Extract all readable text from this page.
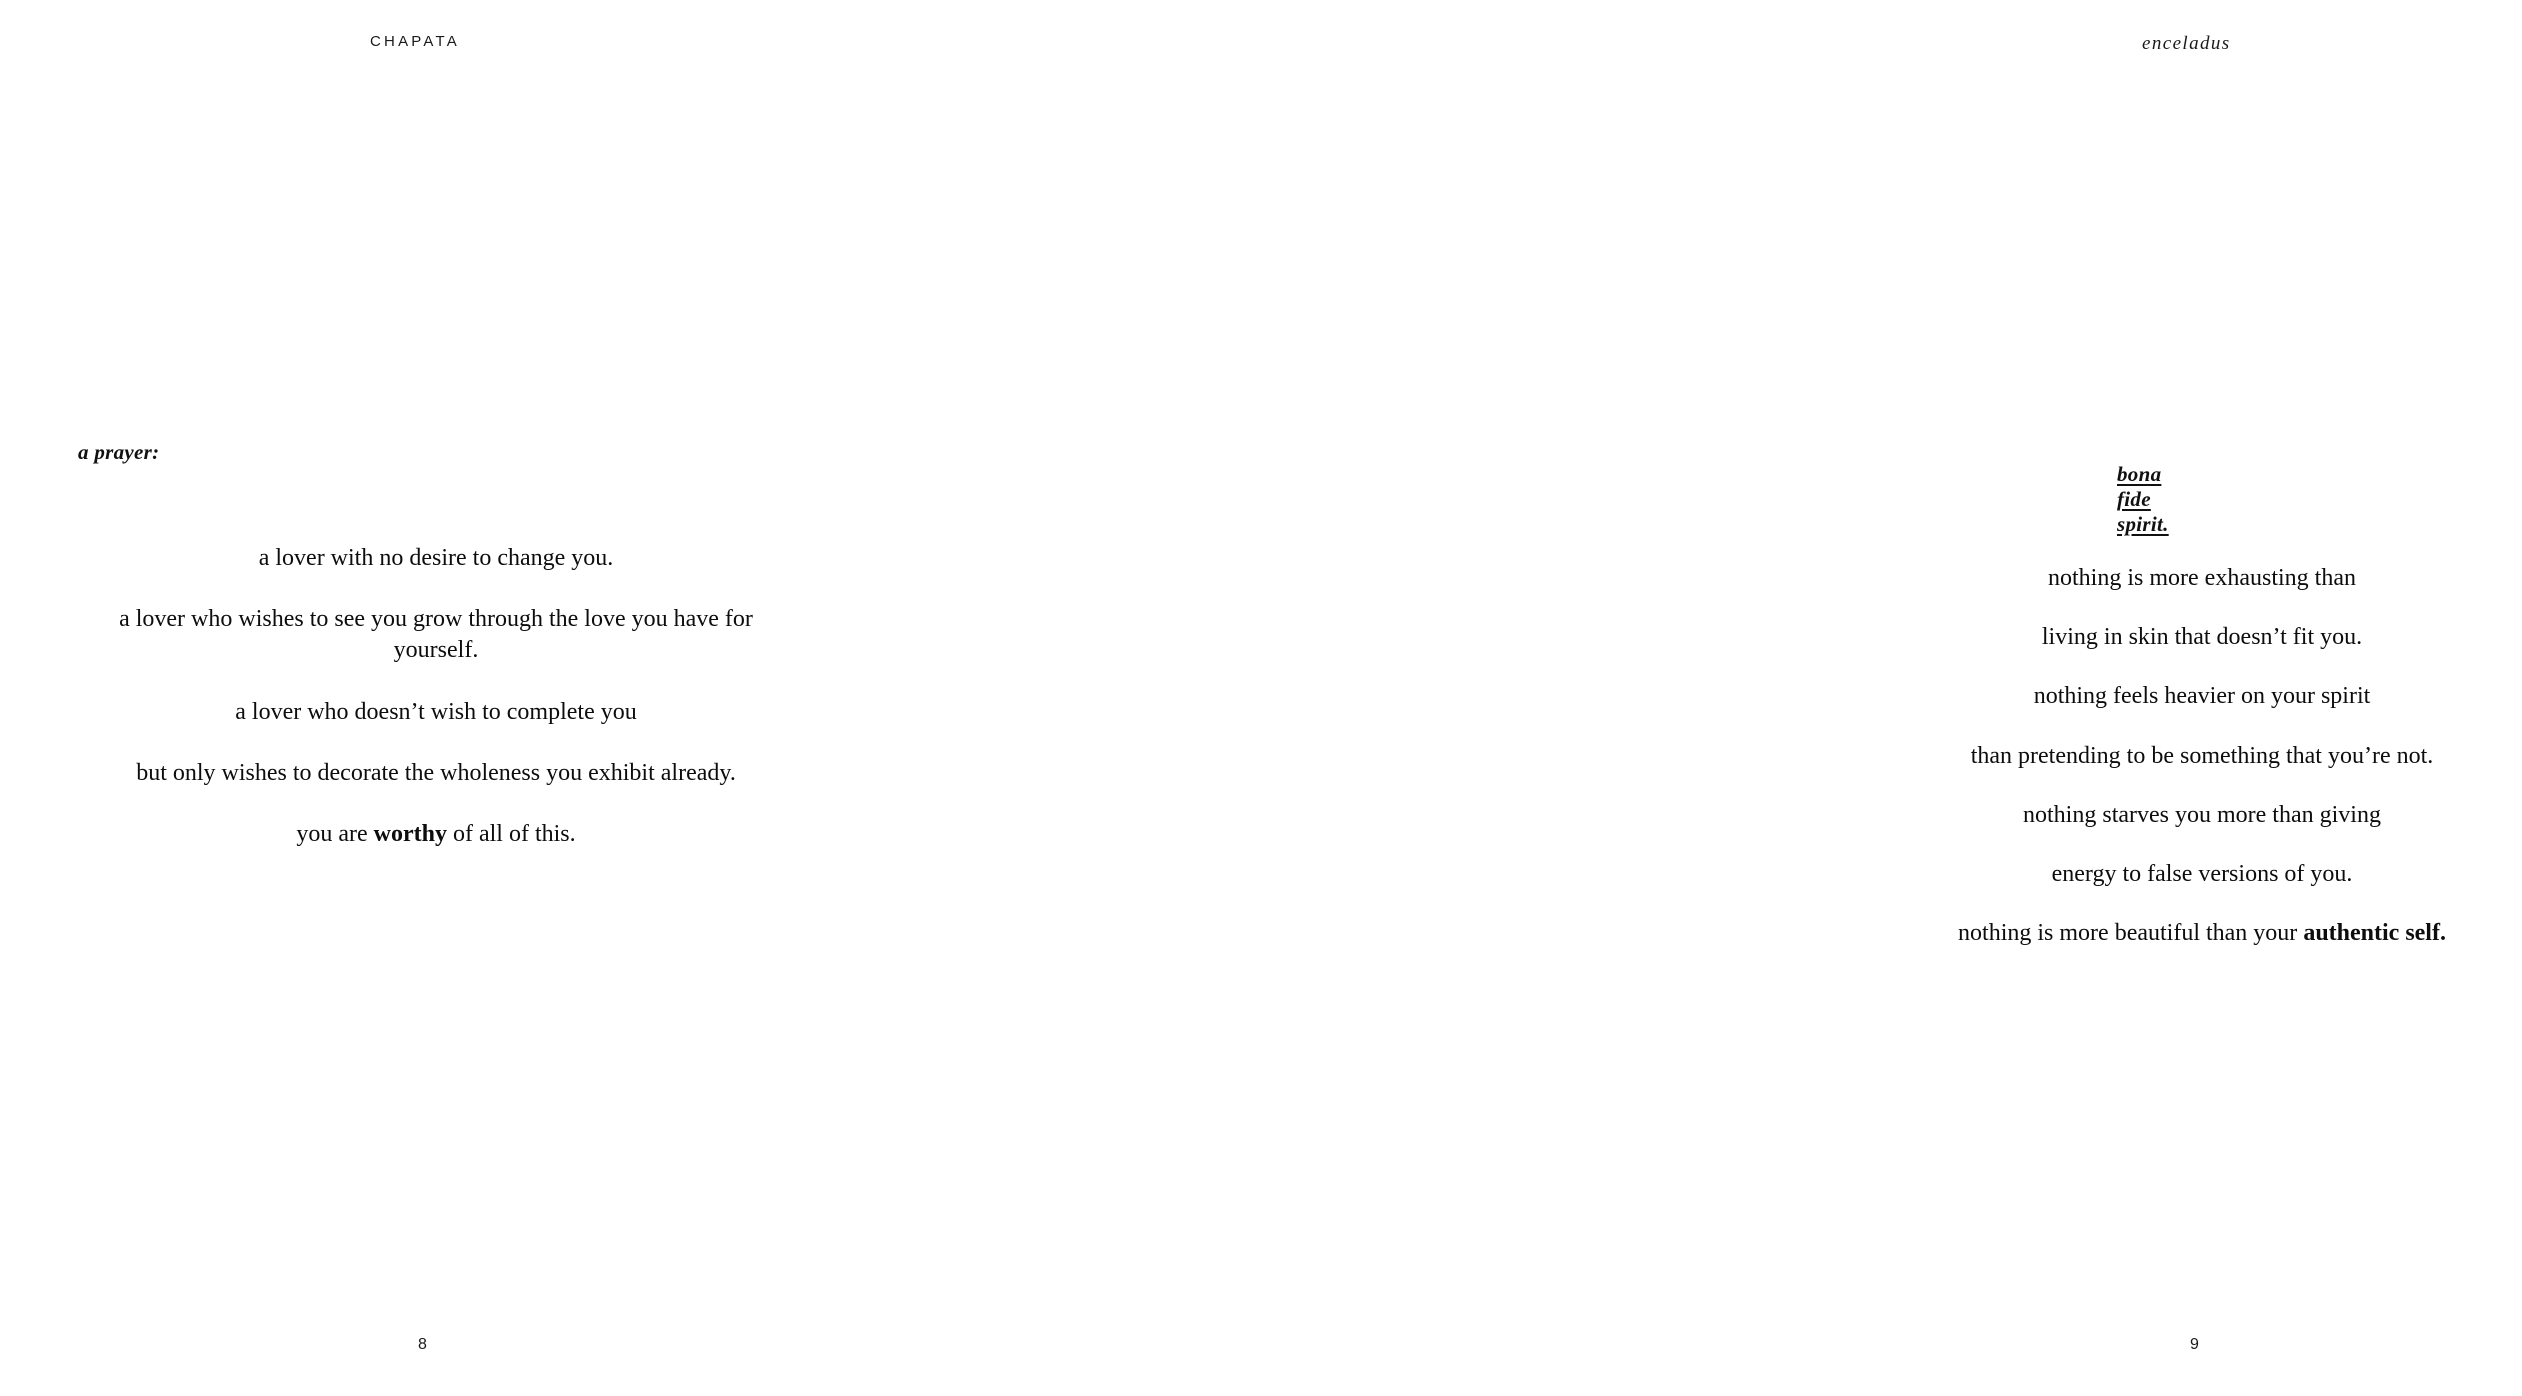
CHAPATA
a prayer:
a lover with no desire to change you.
a lover who wishes to see you grow through the love you have for yourself.
a lover who doesn’t wish to complete you
but only wishes to decorate the wholeness you exhibit already.
you are worthy of all of this.
8
enceladus
bona fide spirit.
nothing is more exhausting than
living in skin that doesn’t fit you.
nothing feels heavier on your spirit
than pretending to be something that you’re not.
nothing starves you more than giving
energy to false versions of you.
nothing is more beautiful than your authentic self.
9
